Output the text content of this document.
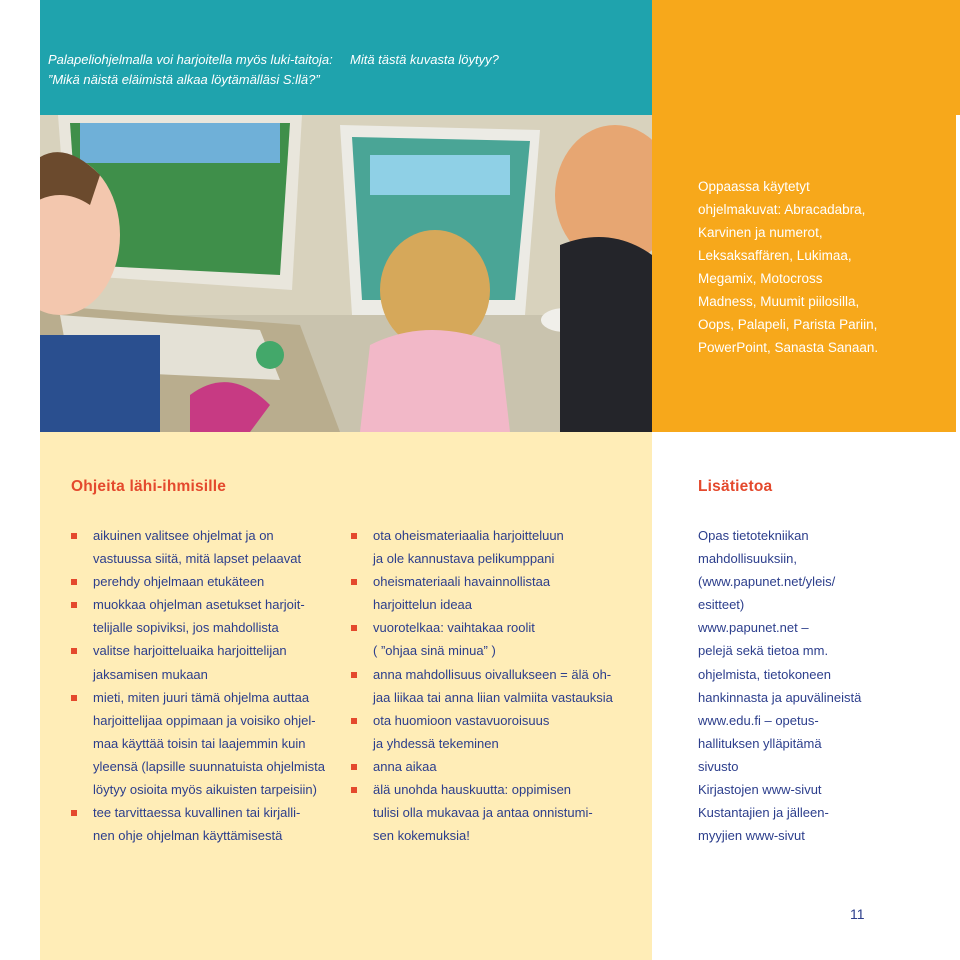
Palapeliohjelmalla voi harjoitella myös luki-taitoja:
”Mikä näistä eläimistä alkaa löytämälläsi S:llä?”
Mitä tästä kuvasta löytyy?
Oppaassa käytetyt
ohjelmakuvat: Abracadabra,
Karvinen ja numerot,
Leksaksaffären, Lukimaa,
Megamix, Motocross
Madness, Muumit piilosilla,
Oops, Palapeli, Parista Pariin,
PowerPoint, Sanasta Sanaan.
Ohjeita lähi-ihmisille	Lisätietoa
aikuinen valitsee ohjelmat ja on
vastuussa siitä, mitä lapset pelaavat
perehdy ohjelmaan etukäteen
muokkaa ohjelman asetukset harjoit-
telijalle sopiviksi, jos mahdollista
valitse harjoitteluaika harjoittelijan
jaksamisen mukaan
mieti, miten juuri tämä ohjelma auttaa
harjoittelijaa oppimaan ja voisiko ohjel-
maa käyttää toisin tai laajemmin kuin
yleensä (lapsille suunnatuista ohjelmista
löytyy osioita myös aikuisten tarpeisiin)
tee tarvittaessa kuvallinen tai kirjalli-
nen ohje ohjelman käyttämisestä
ota oheismateriaalia harjoitteluun
ja ole kannustava pelikumppani
oheismateriaali havainnollistaa
harjoittelun ideaa
vuorotelkaa: vaihtakaa roolit
( ”ohjaa sinä minua” )
anna mahdollisuus oivallukseen = älä oh-
jaa liikaa tai anna liian valmiita vastauksia
ota huomioon vastavuoroisuus
ja yhdessä tekeminen
anna aikaa
älä unohda hauskuutta: oppimisen
tulisi olla mukavaa ja antaa onnistumi-
sen kokemuksia!
Opas tietotekniikan
mahdollisuuksiin,
(www.papunet.net/yleis/
esitteet)
www.papunet.net –
pelejä sekä tietoa mm.
ohjelmista, tietokoneen
hankinnasta ja apuvälineistä
www.edu.fi – opetus-
hallituksen ylläpitämä
sivusto
Kirjastojen www-sivut
Kustantajien ja jälleen-
myyjien www-sivut
11
